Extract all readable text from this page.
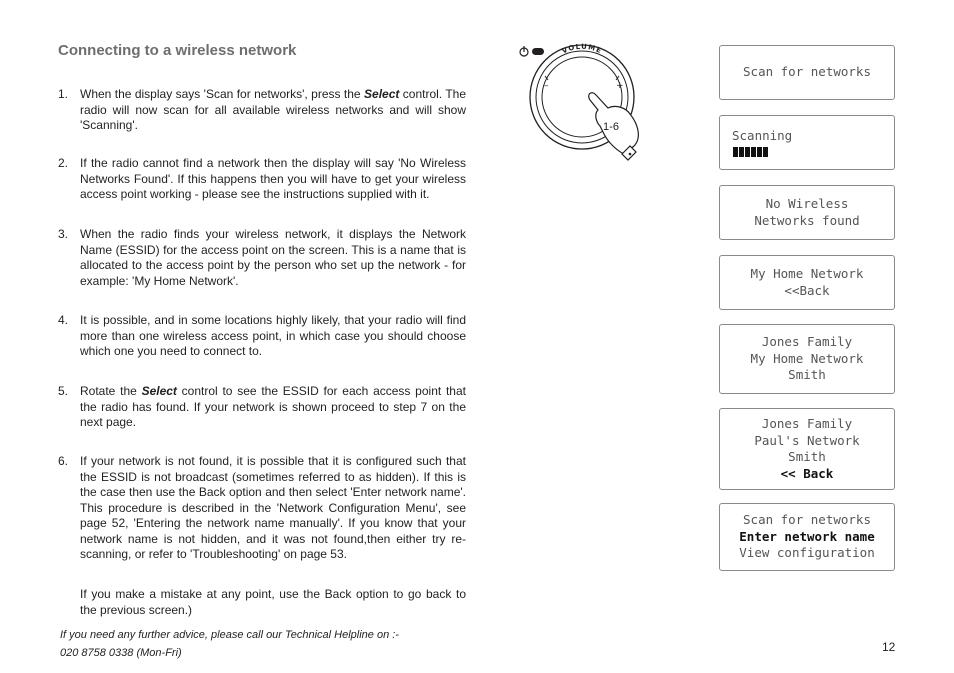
Connecting to a wireless network
1. When the display says 'Scan for networks', press the Select control. The radio will now scan for all available wireless networks and will show 'Scanning'.
2. If the radio cannot find a network then the display will say 'No Wireless Networks Found'. If this happens then you will have to get your wireless access point working - please see the instructions supplied with it.
3. When the radio finds your wireless network, it displays the Network Name (ESSID) for the access point on the screen. This is a name that is allocated to the access point by the person who set up the network - for example: 'My Home Network'.
4. It is possible, and in some locations highly likely, that your radio will find more than one wireless access point, in which case you should choose which one you need to connect to.
5. Rotate the Select control to see the ESSID for each access point that the radio has found. If your network is shown proceed to step 7 on the next page.
6. If your network is not found, it is possible that it is configured such that the ESSID is not broadcast (sometimes referred to as hidden). If this is the case then use the Back option and then select 'Enter network name'. This procedure is described in the 'Network Configuration Menu', see page 52, 'Entering the network name manually'. If you know that your network name is not hidden, and it was not found,then either try re-scanning, or refer to 'Troubleshooting' on page 53.
If you make a mistake at any point, use the Back option to go back to the previous screen.)
If you need any further advice, please call our Technical Helpline on :-
020 8758 0338 (Mon-Fri)	12
VOLUME
–	+
1-6
Scan for networks
Scanning
No Wireless
Networks found
My Home Network
<<Back
Jones Family
My Home Network
Smith
Jones Family
Paul's Network
Smith
<< Back
Scan for networks
Enter network name
View configuration
